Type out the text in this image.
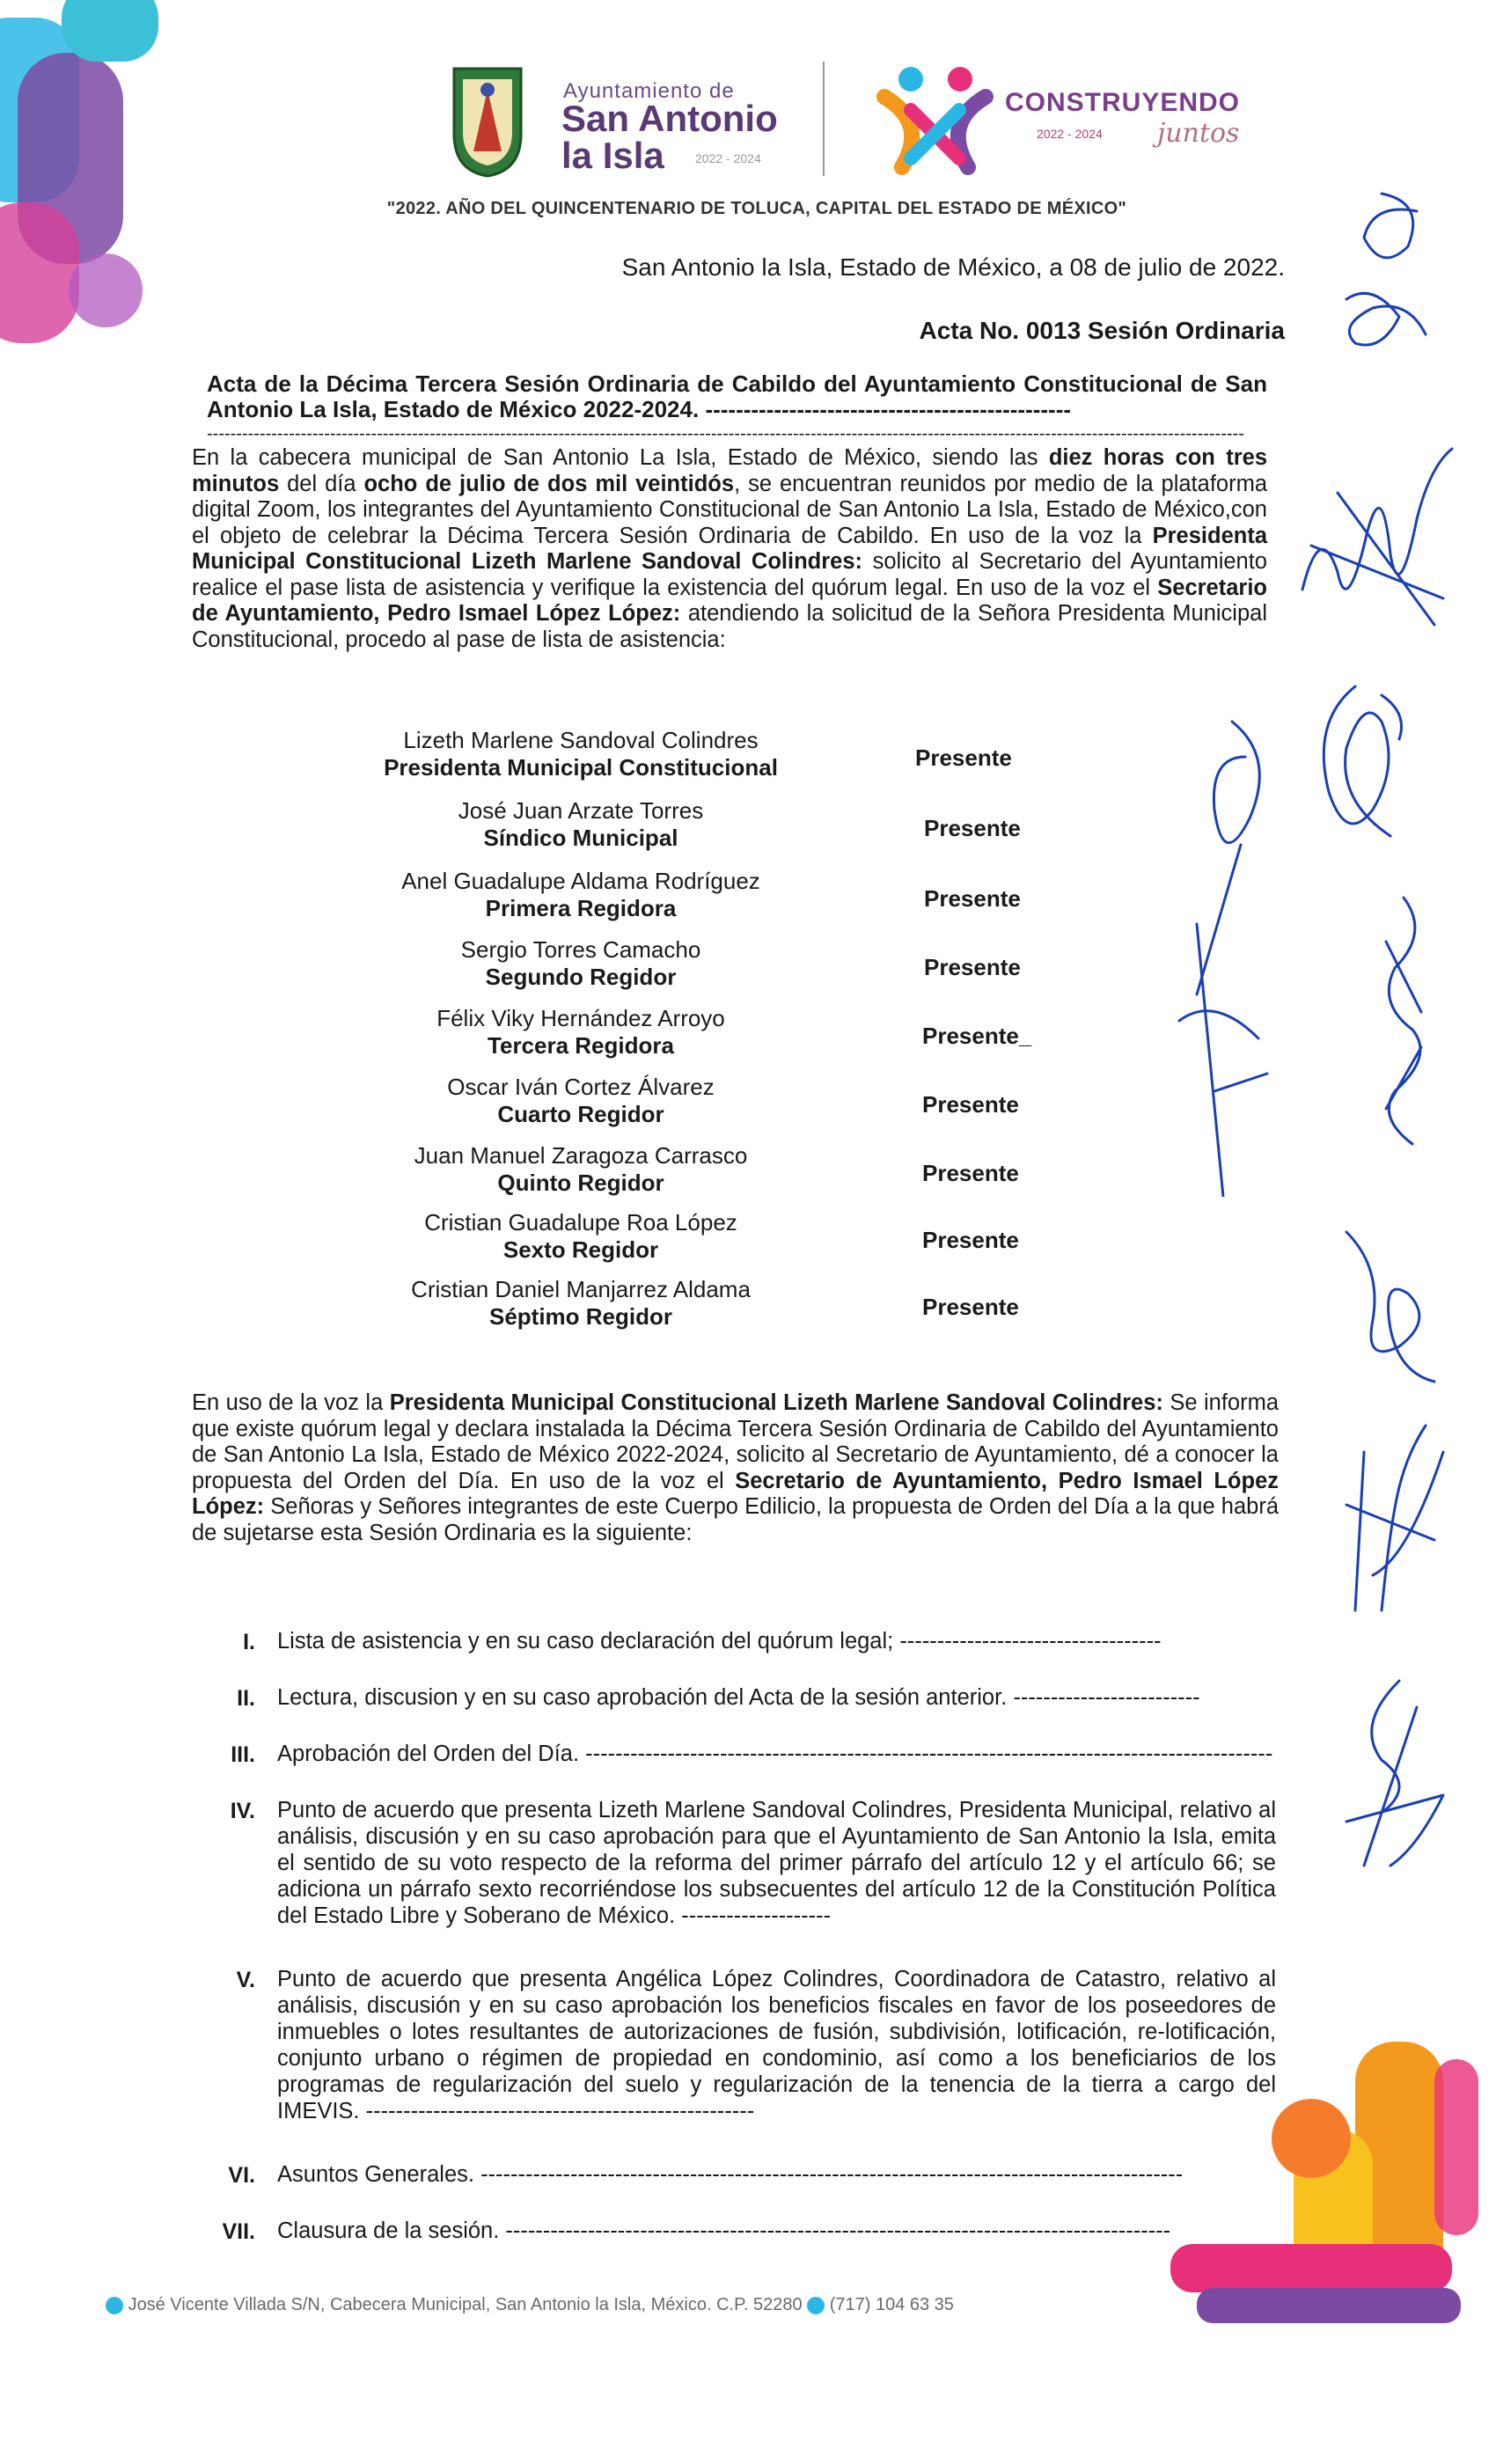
Ayuntamiento de
San Antonio
la Isla	2022 - 2024
CONSTRUYENDO
2022 - 2024 juntos
"2022. AÑO DEL QUINCENTENARIO DE TOLUCA, CAPITAL DEL ESTADO DE MÉXICO"
San Antonio la Isla, Estado de México, a 08 de julio de 2022.
Acta No. 0013 Sesión Ordinaria
Acta de la Décima Tercera Sesión Ordinaria de Cabildo del Ayuntamiento Constitucional de San Antonio La Isla, Estado de México 2022-2024. ------------------------------------------------
---------------------------------------------------------------------------------------------------------------------------------------------------------------------------------
En la cabecera municipal de San Antonio La Isla, Estado de México, siendo las diez horas con tres minutos del día ocho de julio de dos mil veintidós, se encuentran reunidos por medio de la plataforma digital Zoom, los integrantes del Ayuntamiento Constitucional de San Antonio La Isla, Estado de México,con el objeto de celebrar la Décima Tercera Sesión Ordinaria de Cabildo. En uso de la voz la Presidenta Municipal Constitucional Lizeth Marlene Sandoval Colindres: solicito al Secretario del Ayuntamiento realice el pase lista de asistencia y verifique la existencia del quórum legal. En uso de la voz el Secretario de Ayuntamiento, Pedro Ismael López López: atendiendo la solicitud de la Señora Presidenta Municipal Constitucional, procedo al pase de lista de asistencia:
Lizeth Marlene Sandoval Colindres
Presidenta Municipal Constitucional	Presente
José Juan Arzate Torres
Síndico Municipal	Presente
Anel Guadalupe Aldama Rodríguez
Primera Regidora	Presente
Sergio Torres Camacho
Segundo Regidor	Presente
Félix Viky Hernández Arroyo
Tercera Regidora	Presente_
Oscar Iván Cortez Álvarez
Cuarto Regidor	Presente
Juan Manuel Zaragoza Carrasco
Quinto Regidor	Presente
Cristian Guadalupe Roa López
Sexto Regidor	Presente
Cristian Daniel Manjarrez Aldama
Séptimo Regidor	Presente
En uso de la voz la Presidenta Municipal Constitucional Lizeth Marlene Sandoval Colindres: Se informa que existe quórum legal y declara instalada la Décima Tercera Sesión Ordinaria de Cabildo del Ayuntamiento de San Antonio La Isla, Estado de México 2022-2024, solicito al Secretario de Ayuntamiento, dé a conocer la propuesta del Orden del Día. En uso de la voz el Secretario de Ayuntamiento, Pedro Ismael López López: Señoras y Señores integrantes de este Cuerpo Edilicio, la propuesta de Orden del Día a la que habrá de sujetarse esta Sesión Ordinaria es la siguiente:
I. Lista de asistencia y en su caso declaración del quórum legal; -----------------------------------
II. Lectura, discusion y en su caso aprobación del Acta de la sesión anterior. -------------------------
III. Aprobación del Orden del Día. --------------------------------------------------------------------------------------------
IV. Punto de acuerdo que presenta Lizeth Marlene Sandoval Colindres, Presidenta Municipal, relativo al análisis, discusión y en su caso aprobación para que el Ayuntamiento de San Antonio la Isla, emita el sentido de su voto respecto de la reforma del primer párrafo del artículo 12 y el artículo 66; se adiciona un párrafo sexto recorriéndose los subsecuentes del artículo 12 de la Constitución Política del Estado Libre y Soberano de México. --------------------
V. Punto de acuerdo que presenta Angélica López Colindres, Coordinadora de Catastro, relativo al análisis, discusión y en su caso aprobación los beneficios fiscales en favor de los poseedores de inmuebles o lotes resultantes de autorizaciones de fusión, subdivisión, lotificación, re-lotificación, conjunto urbano o régimen de propiedad en condominio, así como a los beneficiarios de los programas de regularización del suelo y regularización de la tenencia de la tierra a cargo del IMEVIS. ----------------------------------------------------
VI. Asuntos Generales. ----------------------------------------------------------------------------------------------
VII. Clausura de la sesión. -----------------------------------------------------------------------------------------
José Vicente Villada S/N, Cabecera Municipal, San Antonio la Isla, México. C.P. 52280 (717) 104 63 35
